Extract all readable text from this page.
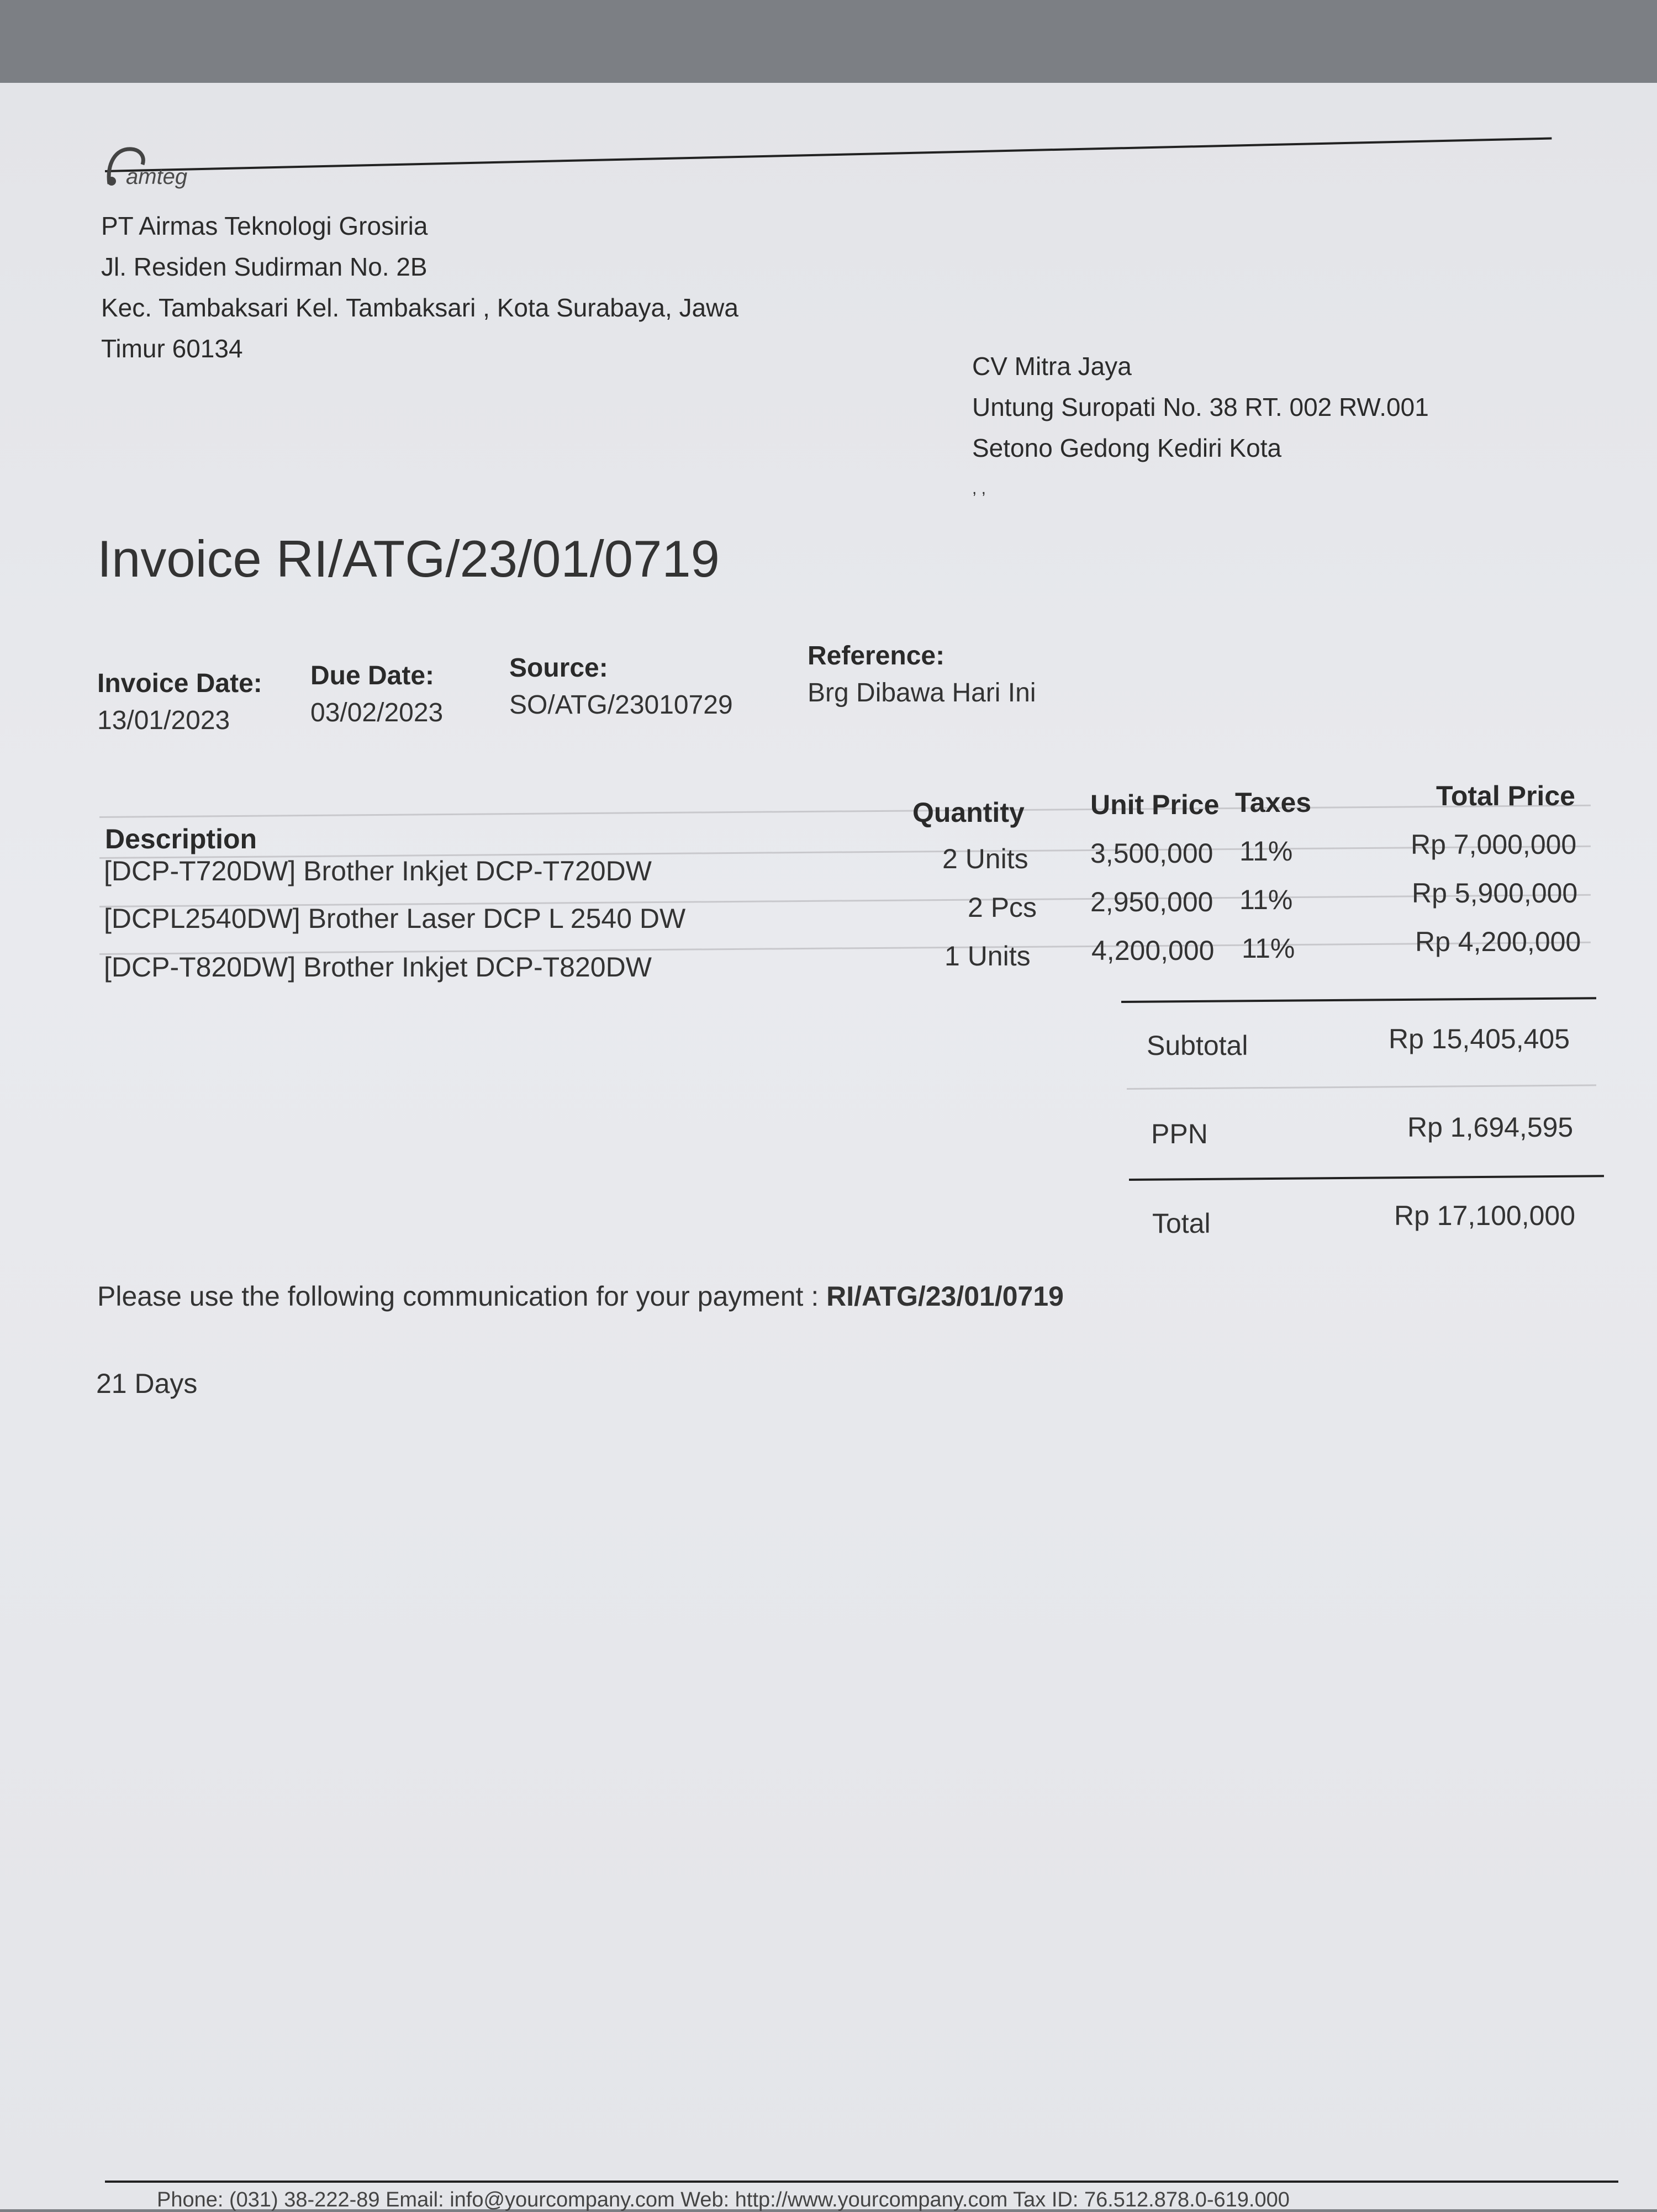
amteg
PT Airmas Teknologi Grosiria
Jl. Residen Sudirman No. 2B
Kec. Tambaksari Kel. Tambaksari , Kota Surabaya, Jawa
Timur 60134
CV Mitra Jaya
Untung Suropati No. 38 RT. 002 RW.001
Setono Gedong Kediri Kota
, ,
Invoice RI/ATG/23/01/0719
Invoice Date:
13/01/2023
Due Date:
03/02/2023
Source:
SO/ATG/23010729
Reference:
Brg Dibawa Hari Ini
Description
Quantity Unit Price Taxes	Total Price
[DCP-T720DW] Brother Inkjet DCP-T720DW	2 Units 3,500,000 11%	Rp 7,000,000
[DCPL2540DW] Brother Laser DCP L 2540 DW	2 Pcs 2,950,000 11%	Rp 5,900,000
[DCP-T820DW] Brother Inkjet DCP-T820DW	1 Units 4,200,000 11%	Rp 4,200,000
Subtotal	Rp 15,405,405
PPN	Rp 1,694,595
Total	Rp 17,100,000
Please use the following communication for your payment : RI/ATG/23/01/0719
21 Days
Phone: (031) 38-222-89 Email: info@yourcompany.com Web: http://www.yourcompany.com Tax ID: 76.512.878.0-619.000
